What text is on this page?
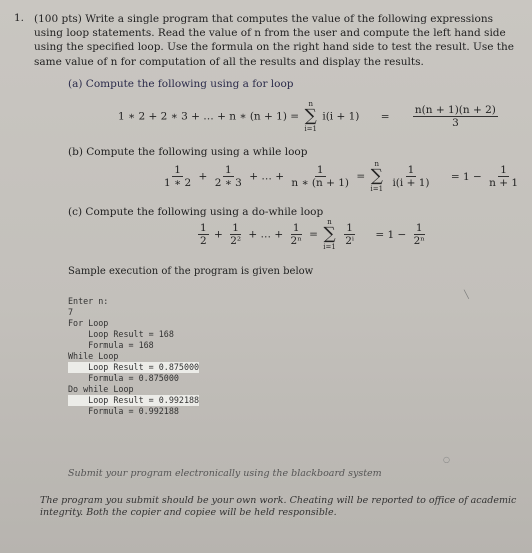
1. (100 pts) Write a single program that computes the value of the following expressions using loop statements. Read the value of n from the user and compute the left hand side using the specified loop. Use the formula on the right hand side to test the result. Use the same value of n for computation of all the results and display the results.
(a) Compute the following using a for loop
1 ∗ 2 + 2 ∗ 3 + … + n ∗ (n + 1) =
n
∑
i=1
$i(i + 1) = \frac{n(n + 1)(n + 2)}{3}$
(b) Compute the following using a while loop
$\frac{1}{1 ∗ 2} + \frac{1}{2 ∗ 3}$ + … + $\frac{1}{n ∗ (n + 1)}$ =
n
∑
i=1
$\frac{1}{i(i + 1)} = 1 - \frac{1}{n + 1}$
(c) Compute the following using a do-while loop
$\frac{1}{2} + \frac{1}{\text{2²}}$ + … + $\frac{1}{\text{2ⁿ}}$ =
n
∑
i=1
$\frac{1}{\text{2ⁱ}} = 1 - \frac{1}{\text{2ⁿ}}$
Sample execution of the program is given below
╲
Enter n:
7
For Loop
Loop Result = 168
Formula = 168
While Loop
Loop Result = 0.875000
Formula = 0.875000
Do while Loop
Loop Result = 0.992188
Formula = 0.992188
○
Submit your program electronically using the blackboard system
The program you submit should be your own work. Cheating will be reported to office of academic integrity. Both the copier and copiee will be held responsible.
